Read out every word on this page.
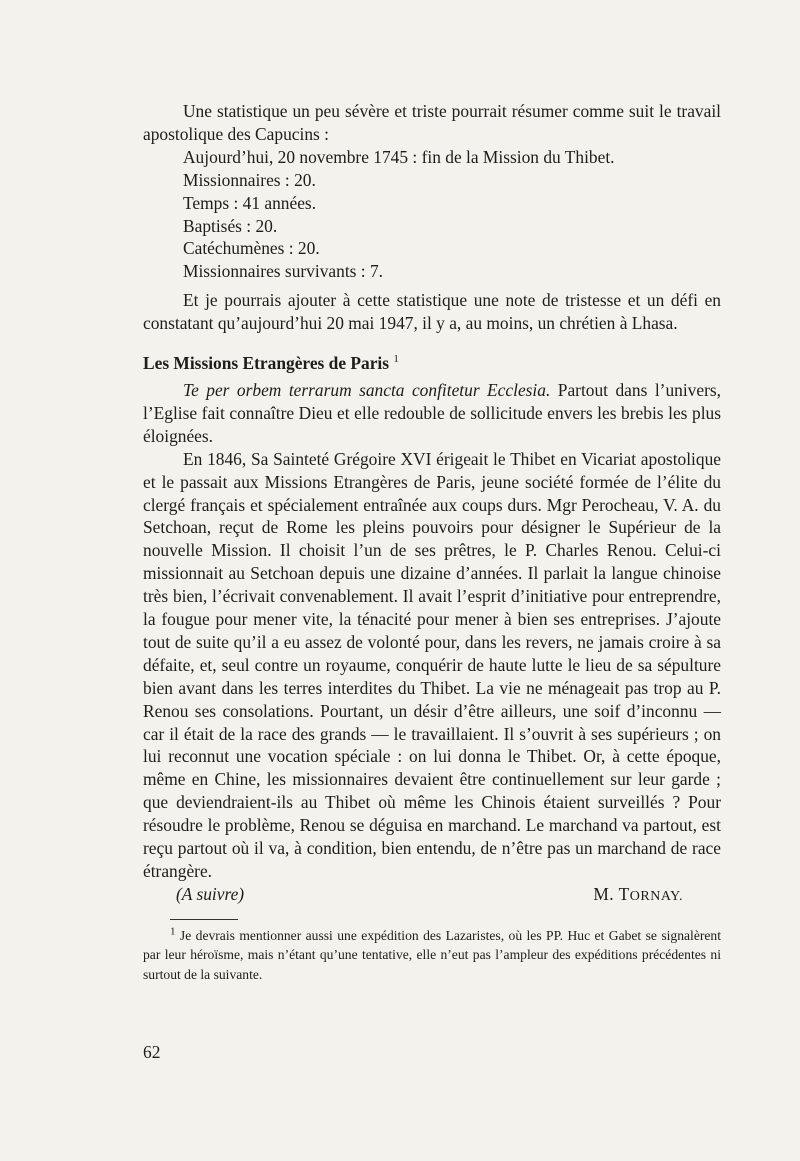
Une statistique un peu sévère et triste pourrait résumer comme suit le travail apostolique des Capucins :

Aujourd’hui, 20 novembre 1745 : fin de la Mission du Thibet.
Missionnaires : 20.
Temps : 41 années.
Baptisés : 20.
Catéchumènes : 20.
Missionnaires survivants : 7.

Et je pourrais ajouter à cette statistique une note de tristesse et un défi en constatant qu’aujourd’hui 20 mai 1947, il y a, au moins, un chrétien à Lhasa.

Les Missions Etrangères de Paris $^1$

Te per orbem terrarum sancta confitetur Ecclesia. Partout dans l’univers, l’Eglise fait connaître Dieu et elle redouble de sollicitude envers les brebis les plus éloignées.

En 1846, Sa Sainteté Grégoire XVI érigeait le Thibet en Vicariat apostolique et le passait aux Missions Etrangères de Paris, jeune société formée de l’élite du clergé français et spécialement entraînée aux coups durs. Mgr Perocheau, V. A. du Setchoan, reçut de Rome les pleins pouvoirs pour désigner le Supérieur de la nouvelle Mission. Il choisit l’un de ses prêtres, le P. Charles Renou. Celui-ci missionnait au Setchoan depuis une dizaine d’années. Il parlait la langue chinoise très bien, l’écrivait convenablement. Il avait l’esprit d’initiative pour entreprendre, la fougue pour mener vite, la ténacité pour mener à bien ses entreprises. J’ajoute tout de suite qu’il a eu assez de volonté pour, dans les revers, ne jamais croire à sa défaite, et, seul contre un royaume, conquérir de haute lutte le lieu de sa sépulture bien avant dans les terres interdites du Thibet. La vie ne ménageait pas trop au P. Renou ses consolations. Pourtant, un désir d’être ailleurs, une soif d’inconnu — car il était de la race des grands — le travaillaient. Il s’ouvrit à ses supérieurs ; on lui reconnut une vocation spéciale : on lui donna le Thibet. Or, à cette époque, même en Chine, les missionnaires devaient être continuellement sur leur garde ; que deviendraient-ils au Thibet où même les Chinois étaient surveillés ? Pour résoudre le problème, Renou se déguisa en marchand. Le marchand va partout, est reçu partout où il va, à condition, bien entendu, de n’être pas un marchand de race étrangère.

(A suivre)	M. TORNAY.

$^1$ Je devrais mentionner aussi une expédition des Lazaristes, où les PP. Huc et Gabet se signalèrent par leur héroïsme, mais n’étant qu’une tentative, elle n’eut pas l’ampleur des expéditions précédentes ni surtout de la suivante.

62
